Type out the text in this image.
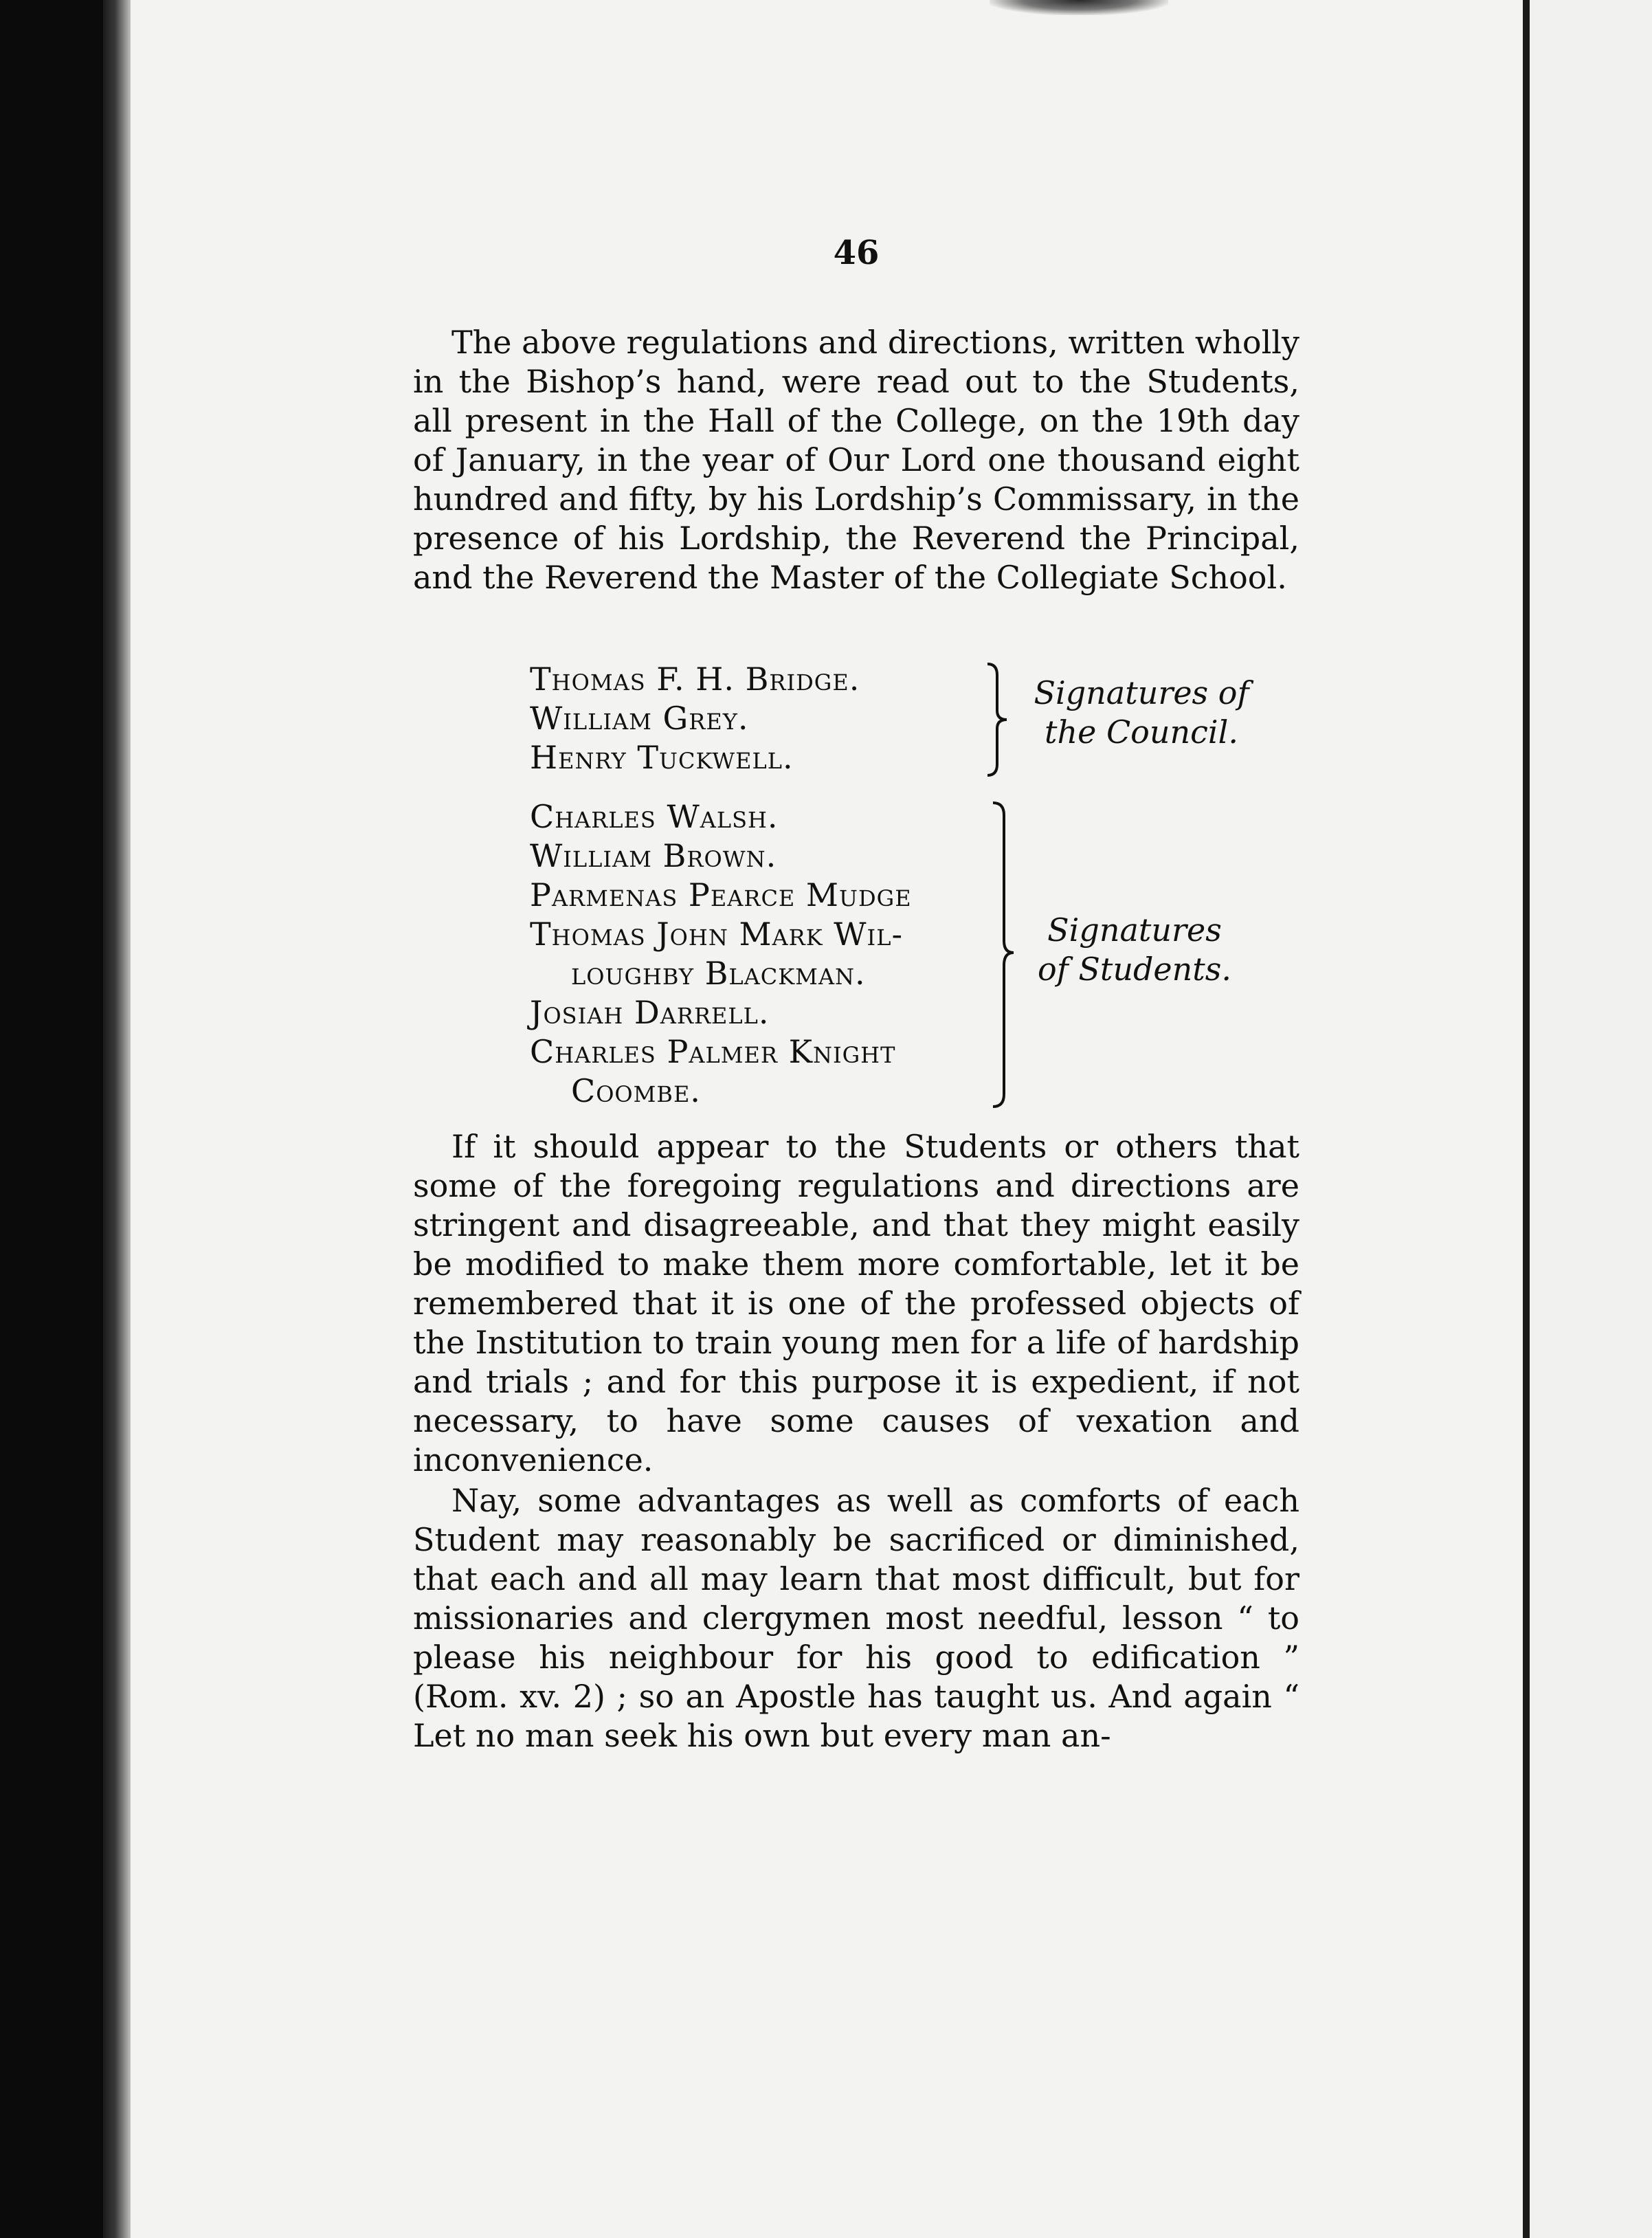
46

The above regulations and directions, written wholly in the Bishop’s hand, were read out to the Students, all present in the Hall of the College, on the 19th day of January, in the year of Our Lord one thousand eight hundred and fifty, by his Lordship’s Commissary, in the presence of his Lordship, the Reverend the Principal, and the Reverend the Master of the Collegiate School.

Thomas F. H. Bridge.
William Grey.
Henry Tuckwell.
Signatures of
the Council.
Charles Walsh.
William Brown.
Parmenas Pearce Mudge
Thomas John Mark Wil-
loughby Blackman.
Josiah Darrell.
Charles Palmer Knight
Coombe.
Signatures
of Students.

If it should appear to the Students or others that some of the foregoing regulations and directions are stringent and disagreeable, and that they might easily be modified to make them more comfortable, let it be remembered that it is one of the professed objects of the Institution to train young men for a life of hardship and trials ; and for this purpose it is expedient, if not necessary, to have some causes of vexation and inconvenience.

Nay, some advantages as well as comforts of each Student may reasonably be sacrificed or diminished, that each and all may learn that most difficult, but for missionaries and clergymen most needful, lesson “ to please his neighbour for his good to edification ” (Rom. xv. 2) ; so an Apostle has taught us. And again “ Let no man seek his own but every man an-
